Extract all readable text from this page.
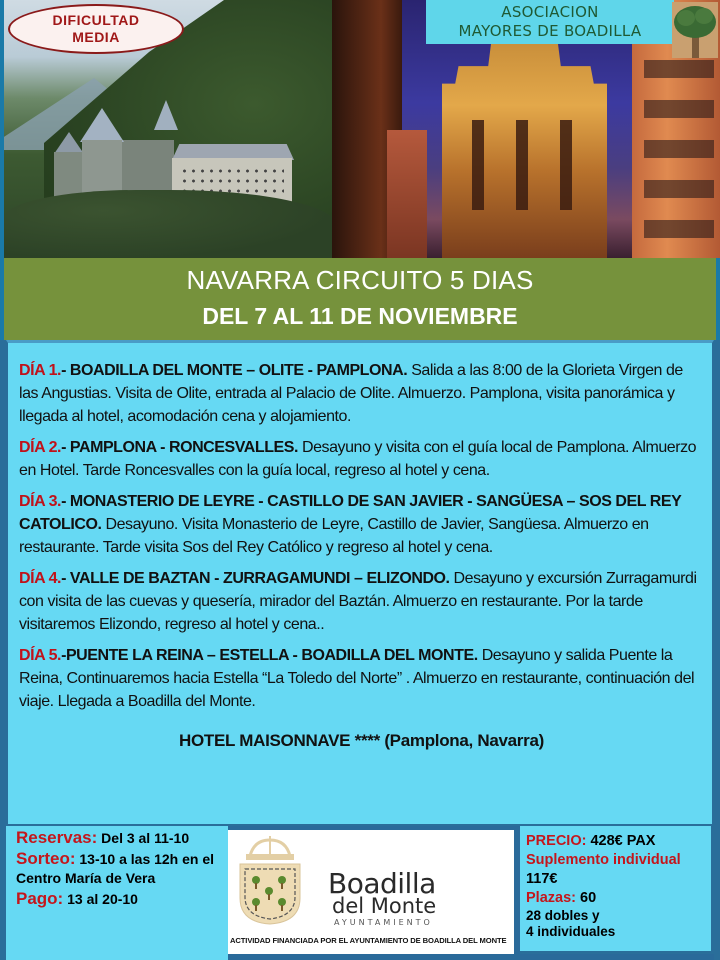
DIFICULTAD
MEDIA
ASOCIACION
MAYORES DE BOADILLA
NAVARRA CIRCUITO 5 DIAS
DEL 7 AL 11 DE NOVIEMBRE

DÍA 1.- BOADILLA DEL MONTE – OLITE - PAMPLONA. Salida a las 8:00 de la Glorieta Virgen de las Angustias. Visita de Olite, entrada al Palacio de Olite. Almuerzo. Pamplona, visita panorámica y llegada al hotel, acomodación cena y alojamiento.

DÍA 2.- PAMPLONA - RONCESVALLES. Desayuno y visita con el guía local de Pamplona. Almuerzo en Hotel. Tarde Roncesvalles con la guía local, regreso al hotel y cena.

DÍA 3.- MONASTERIO DE LEYRE - CASTILLO DE SAN JAVIER - SANGÜESA – SOS DEL REY CATOLICO. Desayuno. Visita Monasterio de Leyre, Castillo de Javier, Sangüesa. Almuerzo en restaurante. Tarde visita Sos del Rey Católico y regreso al hotel y cena.

DÍA 4.- VALLE DE BAZTAN - ZURRAGAMUNDI – ELIZONDO. Desayuno y excursión Zurragamurdi con visita de las cuevas y quesería, mirador del Baztán. Almuerzo en restaurante. Por la tarde visitaremos Elizondo, regreso al hotel y cena..

DÍA 5.-PUENTE LA REINA – ESTELLA - BOADILLA DEL MONTE. Desayuno y salida Puente la Reina, Continuaremos hacia Estella “La Toledo del Norte” . Almuerzo en restaurante, continuación del viaje. Llegada a Boadilla del Monte.

HOTEL MAISONNAVE **** (Pamplona, Navarra)

Reservas: Del 3 al 11-10

Sorteo: 13-10 a las 12h en el Centro María de Vera

Pago: 13 al 20-10	Boadilla
del Monte
AYUNTAMIENTO
ACTIVIDAD FINANCIADA POR EL AYUNTAMIENTO DE BOADILLA DEL MONTE
PRECIO: 428€ PAX
Suplemento individual 117€
Plazas: 60
28 dobles y
4 individuales
